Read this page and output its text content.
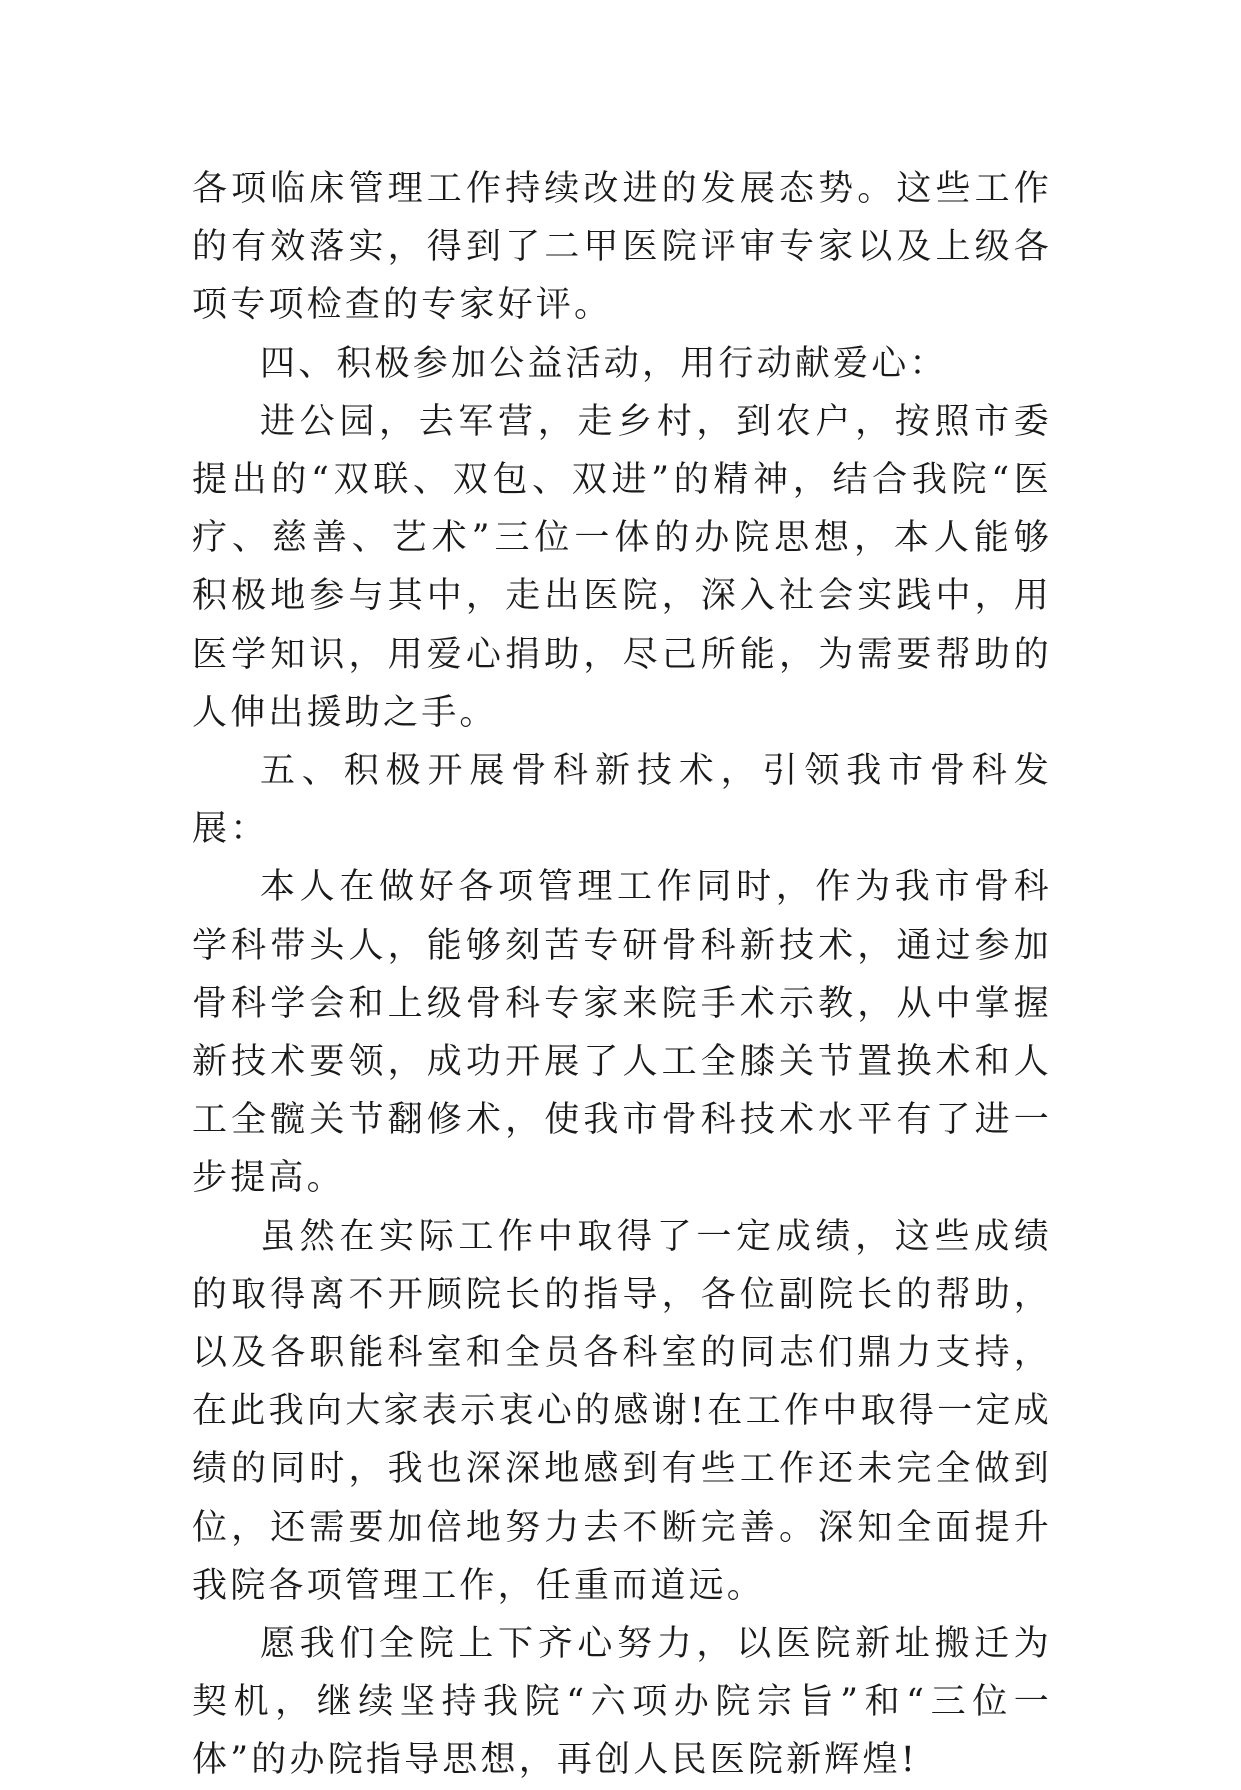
各项临床管理工作持续改进的发展态势。这些工作的有效落实，得到了二甲医院评审专家以及上级各项专项检查的专家好评。

四、积极参加公益活动，用行动献爱心：

进公园，去军营，走乡村，到农户，按照市委提出的“双联、双包、双进”的精神，结合我院“医疗、慈善、艺术”三位一体的办院思想，本人能够积极地参与其中，走出医院，深入社会实践中，用医学知识，用爱心捐助，尽己所能，为需要帮助的人伸出援助之手。

五、积极开展骨科新技术，引领我市骨科发展：

本人在做好各项管理工作同时，作为我市骨科学科带头人，能够刻苦专研骨科新技术，通过参加骨科学会和上级骨科专家来院手术示教，从中掌握新技术要领，成功开展了人工全膝关节置换术和人工全髋关节翻修术，使我市骨科技术水平有了进一步提高。

虽然在实际工作中取得了一定成绩，这些成绩的取得离不开顾院长的指导，各位副院长的帮助，以及各职能科室和全员各科室的同志们鼎力支持，在此我向大家表示衷心的感谢!在工作中取得一定成绩的同时，我也深深地感到有些工作还未完全做到位，还需要加倍地努力去不断完善。深知全面提升我院各项管理工作，任重而道远。

愿我们全院上下齐心努力，以医院新址搬迁为契机，继续坚持我院“六项办院宗旨”和“三位一体”的办院指导思想，再创人民医院新辉煌!
